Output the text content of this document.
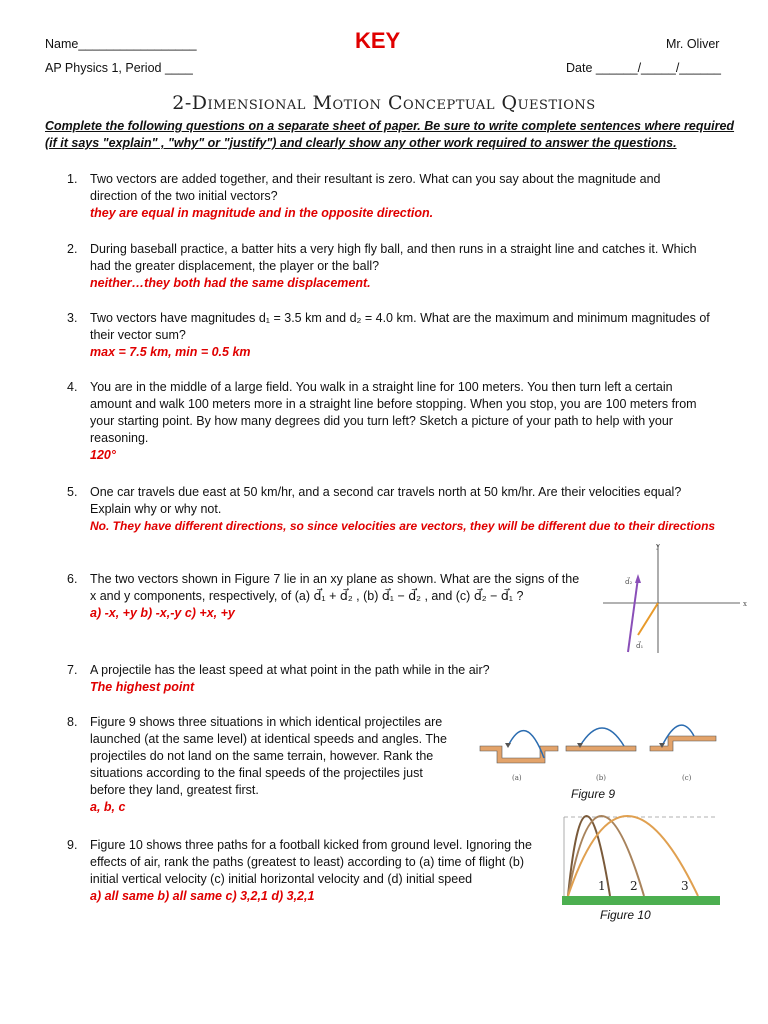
Name_________________	KEY	Mr. Oliver
AP Physics 1, Period ____	Date ______/_____/______
2-Dimensional Motion Conceptual Questions
Complete the following questions on a separate sheet of paper. Be sure to write complete sentences where required
(if it says "explain" , "why" or "justify") and clearly show any other work required to answer the questions.
1. Two vectors are added together, and their resultant is zero. What can you say about the magnitude and
direction of the two initial vectors?
they are equal in magnitude and in the opposite direction.
2. During baseball practice, a batter hits a very high fly ball, and then runs in a straight line and catches it. Which
had the greater displacement, the player or the ball?
neither…they both had the same displacement.
3. Two vectors have magnitudes d₁ = 3.5 km and d₂ = 4.0 km. What are the maximum and minimum magnitudes of
their vector sum?
max = 7.5 km, min = 0.5 km
4. You are in the middle of a large field. You walk in a straight line for 100 meters. You then turn left a certain
amount and walk 100 meters more in a straight line before stopping. When you stop, you are 100 meters from
your starting point. By how many degrees did you turn left? Sketch a picture of your path to help with your
reasoning.
120°
5. One car travels due east at 50 km/hr, and a second car travels north at 50 km/hr. Are their velocities equal?
Explain why or why not.
No. They have different directions, so since velocities are vectors, they will be different due to their directions
6. The two vectors shown in Figure 7 lie in an xy plane as shown. What are the signs of the
x and y components, respectively, of (a) d⃗₁ + d⃗₂ , (b) d⃗₁ − d⃗₂ , and (c) d⃗₂ − d⃗₁ ?
a) -x, +y b) -x,-y c) +x, +y
x
y
d⃗₂
d⃗₁
7. A projectile has the least speed at what point in the path while in the air?
The highest point
8. Figure 9 shows three situations in which identical projectiles are
launched (at the same level) at identical speeds and angles. The
projectiles do not land on the same terrain, however. Rank the
situations according to the final speeds of the projectiles just
before they land, greatest first.
a, b, c
(a)	(b)	(c)
Figure 9
9. Figure 10 shows three paths for a football kicked from ground level. Ignoring the
effects of air, rank the paths (greatest to least) according to (a) time of flight (b)
initial vertical velocity (c) initial horizontal velocity and (d) initial speed
a) all same b) all same c) 3,2,1 d) 3,2,1
1 2	3
Figure 10
